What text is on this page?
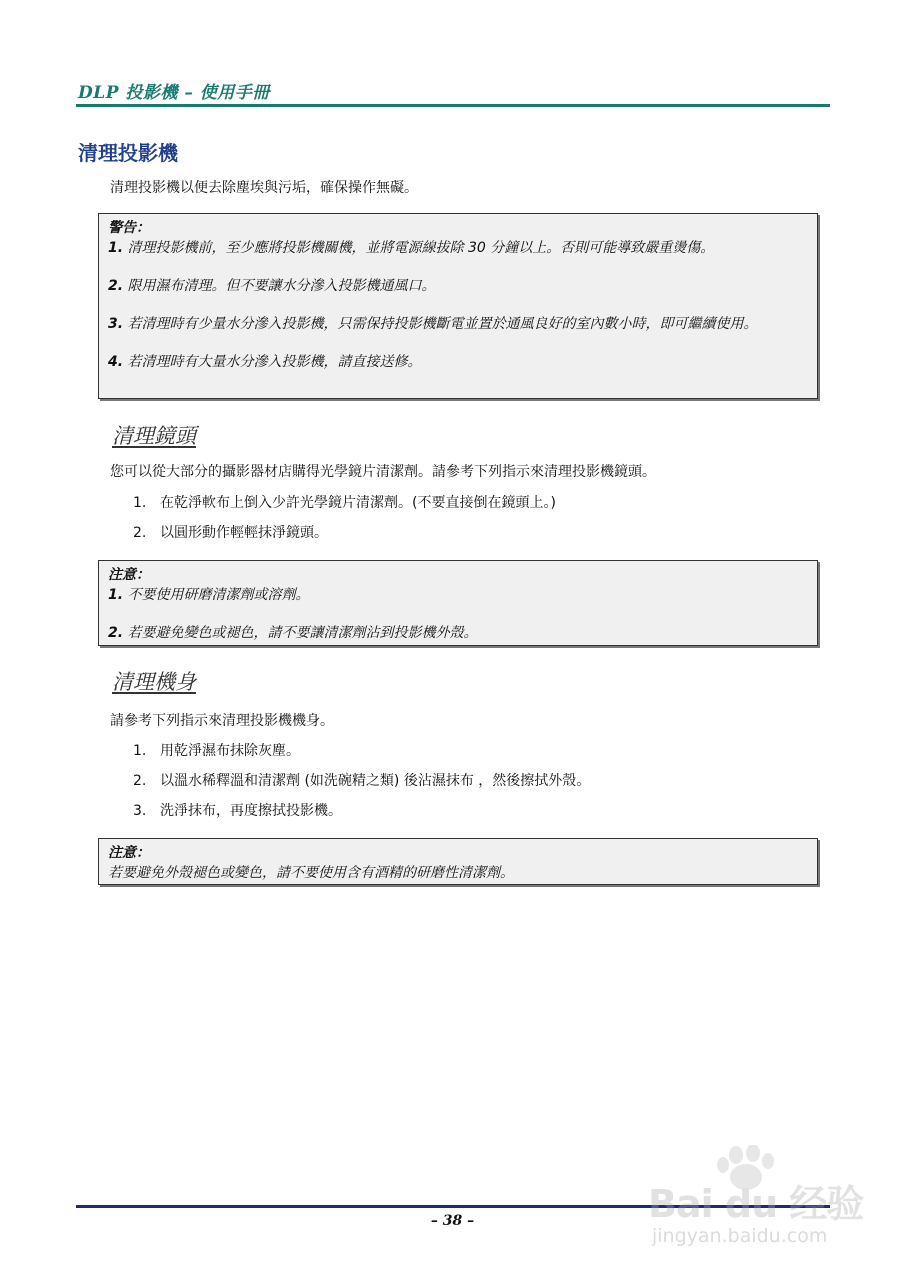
DLP 投影機 – 使用手冊
清理投影機
清理投影機以便去除塵埃與污垢，確保操作無礙。
警告：

1. 清理投影機前，至少應將投影機關機，並將電源線拔除 30 分鐘以上。否則可能導致嚴重燙傷。

2. 限用濕布清理。但不要讓水分滲入投影機通風口。

3. 若清理時有少量水分滲入投影機，只需保持投影機斷電並置於通風良好的室內數小時，即可繼續使用。

4. 若清理時有大量水分滲入投影機，請直接送修。

清理鏡頭
您可以從大部分的攝影器材店購得光學鏡片清潔劑。請參考下列指示來清理投影機鏡頭。
1. 在乾淨軟布上倒入少許光學鏡片清潔劑。(不要直接倒在鏡頭上。)
2. 以圓形動作輕輕抹淨鏡頭。
注意：

1. 不要使用研磨清潔劑或溶劑。

2. 若要避免變色或褪色，請不要讓清潔劑沾到投影機外殼。

清理機身
請參考下列指示來清理投影機機身。
1. 用乾淨濕布抹除灰塵。
2. 以溫水稀釋溫和清潔劑 (如洗碗精之類) 後沾濕抹布 ，然後擦拭外殼。
3. 洗淨抹布，再度擦拭投影機。
注意：

若要避免外殼褪色或變色，請不要使用含有酒精的研磨性清潔劑。

– 38 –	Bai du 经验
jingyan.baidu.com
